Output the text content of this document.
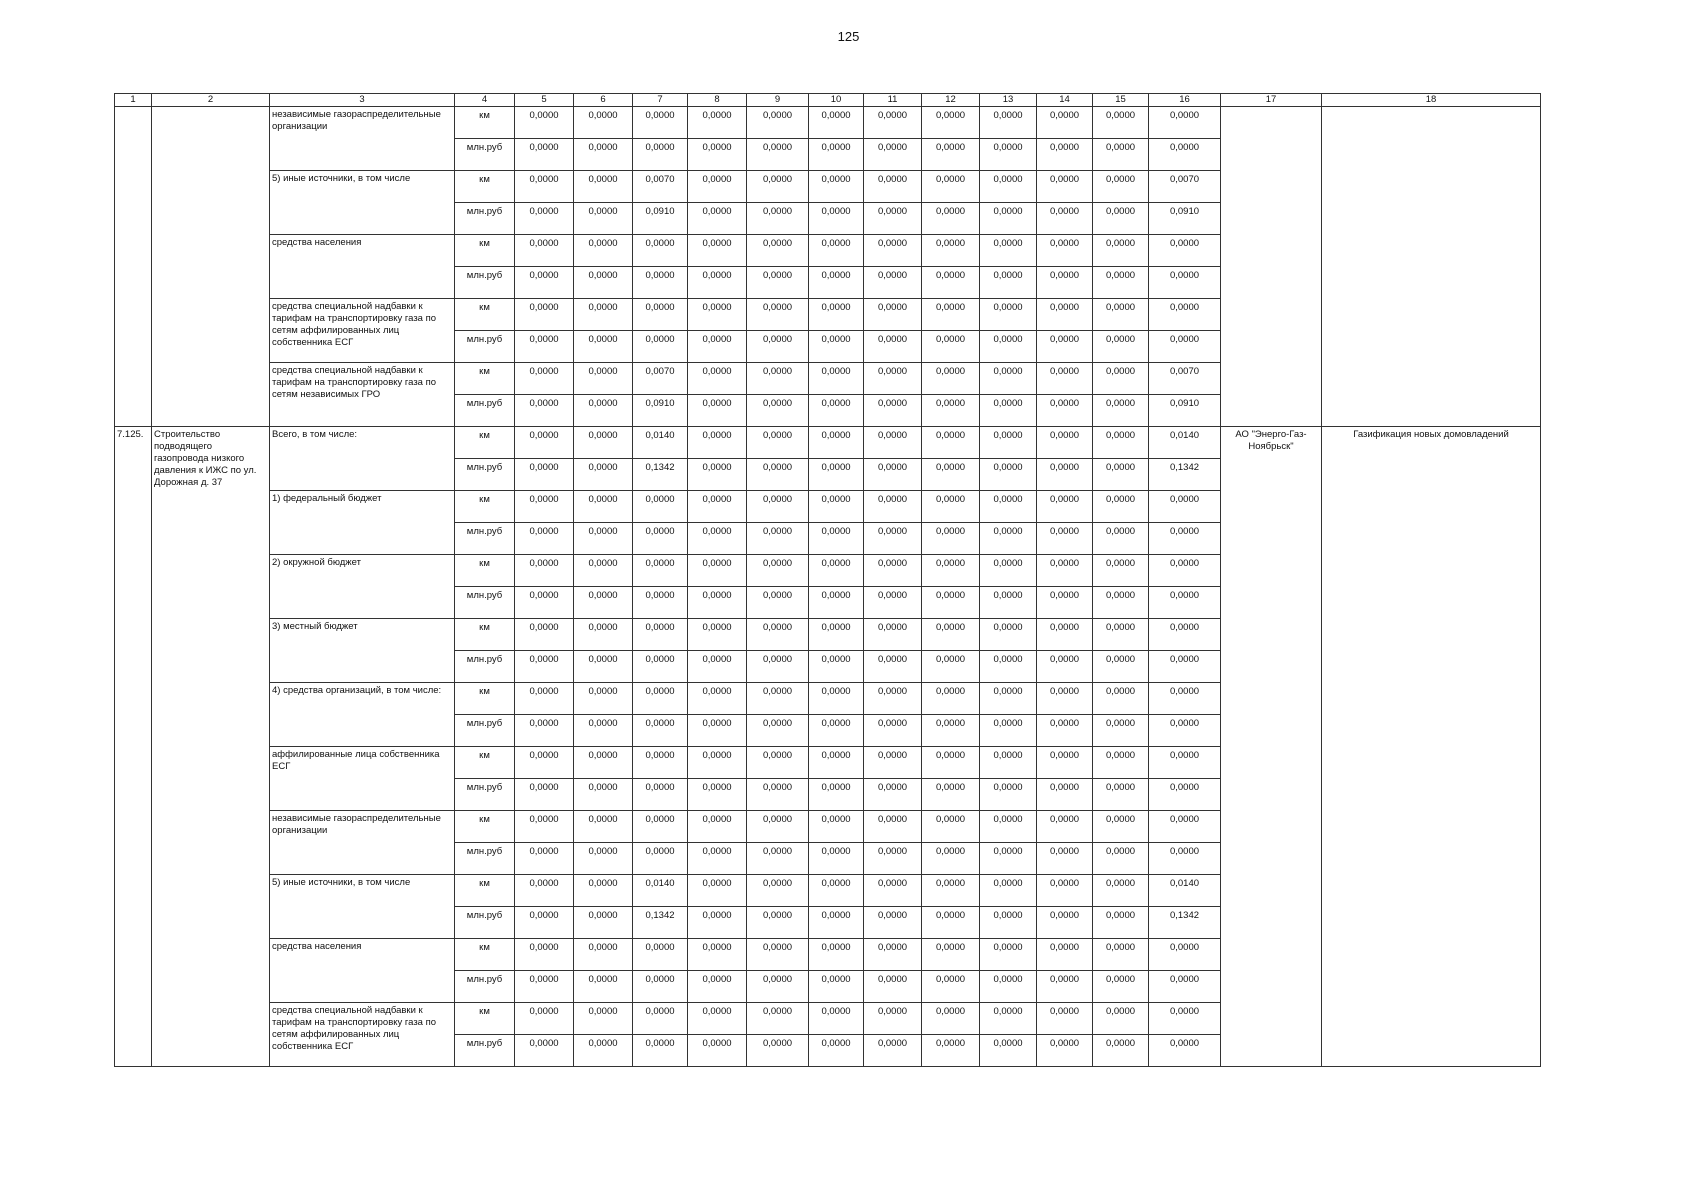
125
1	2	3	4	5	6	7	8	9	10	11	12	13	14	15	16	17	18
		независимые газораспределительные организации	км	0,0000	0,0000	0,0000	0,0000	0,0000	0,0000	0,0000	0,0000	0,0000	0,0000	0,0000	0,0000		
			млн.руб	0,0000	0,0000	0,0000	0,0000	0,0000	0,0000	0,0000	0,0000	0,0000	0,0000	0,0000	0,0000		
		5) иные источники, в том числе	км	0,0000	0,0000	0,0070	0,0000	0,0000	0,0000	0,0000	0,0000	0,0000	0,0000	0,0000	0,0070		
			млн.руб	0,0000	0,0000	0,0910	0,0000	0,0000	0,0000	0,0000	0,0000	0,0000	0,0000	0,0000	0,0910		
		средства населения	км	0,0000	0,0000	0,0000	0,0000	0,0000	0,0000	0,0000	0,0000	0,0000	0,0000	0,0000	0,0000		
			млн.руб	0,0000	0,0000	0,0000	0,0000	0,0000	0,0000	0,0000	0,0000	0,0000	0,0000	0,0000	0,0000		
		средства специальной надбавки к тарифам на транспортировку газа по сетям аффилированных лиц собственника ЕСГ	км	0,0000	0,0000	0,0000	0,0000	0,0000	0,0000	0,0000	0,0000	0,0000	0,0000	0,0000	0,0000		
			млн.руб	0,0000	0,0000	0,0000	0,0000	0,0000	0,0000	0,0000	0,0000	0,0000	0,0000	0,0000	0,0000		
		средства специальной надбавки к тарифам на транспортировку газа по сетям независимых ГРО	км	0,0000	0,0000	0,0070	0,0000	0,0000	0,0000	0,0000	0,0000	0,0000	0,0000	0,0000	0,0070		
			млн.руб	0,0000	0,0000	0,0910	0,0000	0,0000	0,0000	0,0000	0,0000	0,0000	0,0000	0,0000	0,0910		
7.125.	Строительство подводящего газопровода низкого давления к ИЖС по ул. Дорожная д. 37	Всего, в том числе:	км	0,0000	0,0000	0,0140	0,0000	0,0000	0,0000	0,0000	0,0000	0,0000	0,0000	0,0000	0,0140	АО "Энерго-Газ-Ноябрьск"	Газификация новых домовладений
			млн.руб	0,0000	0,0000	0,1342	0,0000	0,0000	0,0000	0,0000	0,0000	0,0000	0,0000	0,0000	0,1342		
		1) федеральный бюджет	км	0,0000	0,0000	0,0000	0,0000	0,0000	0,0000	0,0000	0,0000	0,0000	0,0000	0,0000	0,0000		
			млн.руб	0,0000	0,0000	0,0000	0,0000	0,0000	0,0000	0,0000	0,0000	0,0000	0,0000	0,0000	0,0000		
		2) окружной бюджет	км	0,0000	0,0000	0,0000	0,0000	0,0000	0,0000	0,0000	0,0000	0,0000	0,0000	0,0000	0,0000		
			млн.руб	0,0000	0,0000	0,0000	0,0000	0,0000	0,0000	0,0000	0,0000	0,0000	0,0000	0,0000	0,0000		
		3) местный бюджет	км	0,0000	0,0000	0,0000	0,0000	0,0000	0,0000	0,0000	0,0000	0,0000	0,0000	0,0000	0,0000		
			млн.руб	0,0000	0,0000	0,0000	0,0000	0,0000	0,0000	0,0000	0,0000	0,0000	0,0000	0,0000	0,0000		
		4) средства организаций, в том числе:	км	0,0000	0,0000	0,0000	0,0000	0,0000	0,0000	0,0000	0,0000	0,0000	0,0000	0,0000	0,0000		
			млн.руб	0,0000	0,0000	0,0000	0,0000	0,0000	0,0000	0,0000	0,0000	0,0000	0,0000	0,0000	0,0000		
		аффилированные лица собственника ЕСГ	км	0,0000	0,0000	0,0000	0,0000	0,0000	0,0000	0,0000	0,0000	0,0000	0,0000	0,0000	0,0000		
			млн.руб	0,0000	0,0000	0,0000	0,0000	0,0000	0,0000	0,0000	0,0000	0,0000	0,0000	0,0000	0,0000		
		независимые газораспределительные организации	км	0,0000	0,0000	0,0000	0,0000	0,0000	0,0000	0,0000	0,0000	0,0000	0,0000	0,0000	0,0000		
			млн.руб	0,0000	0,0000	0,0000	0,0000	0,0000	0,0000	0,0000	0,0000	0,0000	0,0000	0,0000	0,0000		
		5) иные источники, в том числе	км	0,0000	0,0000	0,0140	0,0000	0,0000	0,0000	0,0000	0,0000	0,0000	0,0000	0,0000	0,0140		
			млн.руб	0,0000	0,0000	0,1342	0,0000	0,0000	0,0000	0,0000	0,0000	0,0000	0,0000	0,0000	0,1342		
		средства населения	км	0,0000	0,0000	0,0000	0,0000	0,0000	0,0000	0,0000	0,0000	0,0000	0,0000	0,0000	0,0000		
			млн.руб	0,0000	0,0000	0,0000	0,0000	0,0000	0,0000	0,0000	0,0000	0,0000	0,0000	0,0000	0,0000		
		средства специальной надбавки к тарифам на транспортировку газа по сетям аффилированных лиц собственника ЕСГ	км	0,0000	0,0000	0,0000	0,0000	0,0000	0,0000	0,0000	0,0000	0,0000	0,0000	0,0000	0,0000		
			млн.руб	0,0000	0,0000	0,0000	0,0000	0,0000	0,0000	0,0000	0,0000	0,0000	0,0000	0,0000	0,0000		
